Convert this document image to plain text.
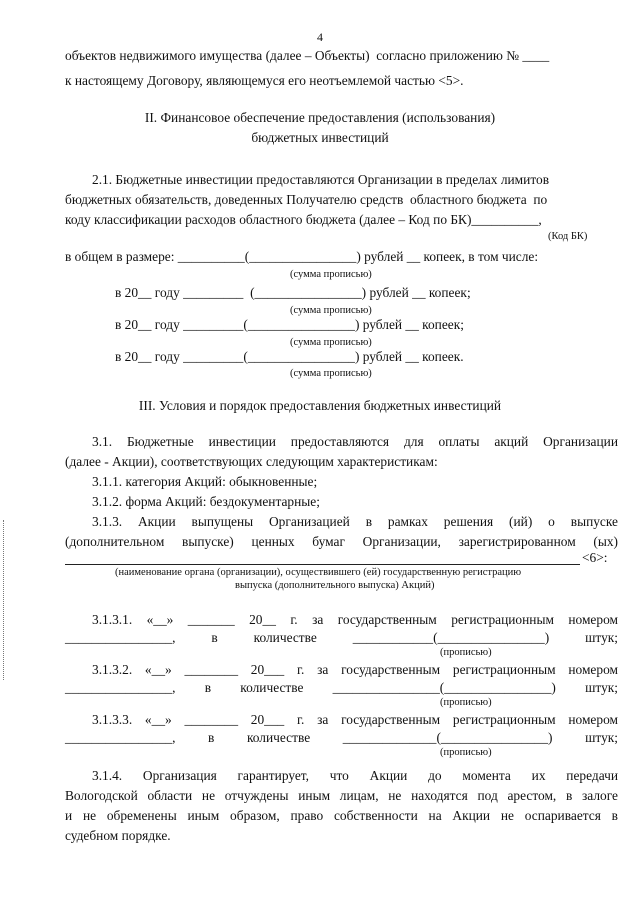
4
объектов недвижимого имущества (далее – Объекты)  согласно приложению № ____
к настоящему Договору, являющемуся его неотъемлемой частью <5>.
II. Финансовое обеспечение предоставления (использования)
бюджетных инвестиций
2.1. Бюджетные инвестиции предоставляются Организации в пределах лимитов
бюджетных обязательств, доведенных Получателю средств  областного бюджета  по
коду классификации расходов областного бюджета (далее – Код по БК)__________,
(Код БК)
в общем в размере: __________(________________) рублей __ копеек, в том числе:
(сумма прописью)
в 20__ году _________  (________________) рублей __ копеек;
(сумма прописью)
в 20__ году _________(________________) рублей __ копеек;
(сумма прописью)
в 20__ году _________(________________) рублей __ копеек.
(сумма прописью)
III. Условия и порядок предоставления бюджетных инвестиций
3.1. Бюджетные инвестиции предоставляются для оплаты акций Организации
(далее - Акции), соответствующих следующим характеристикам:
3.1.1. категория Акций: обыкновенные;
3.1.2. форма Акций: бездокументарные;
3.1.3. Акции выпущены Организацией в рамках решения (ий) о выпуске
(дополнительном выпуске) ценных бумаг Организации, зарегистрированном (ых)
<6>:
(наименование органа (организации), осуществившего (ей) государственную регистрацию
выпуска (дополнительного выпуска) Акций)
3.1.3.1. «__» _______ 20__ г. за государственным регистрационным номером
________________, в количестве ____________(________________) штук;
(прописью)
3.1.3.2. «__» ________ 20___ г. за государственным регистрационным номером
________________, в количестве ________________(________________) штук;
(прописью)
3.1.3.3. «__» ________ 20___ г. за государственным регистрационным номером
________________, в количестве ______________(________________) штук;
(прописью)
3.1.4. Организация гарантирует, что Акции до момента их передачи
Вологодской области не отчуждены иным лицам, не находятся под арестом, в залоге
и не обременены иным образом, право собственности на Акции не оспаривается в
судебном порядке.
